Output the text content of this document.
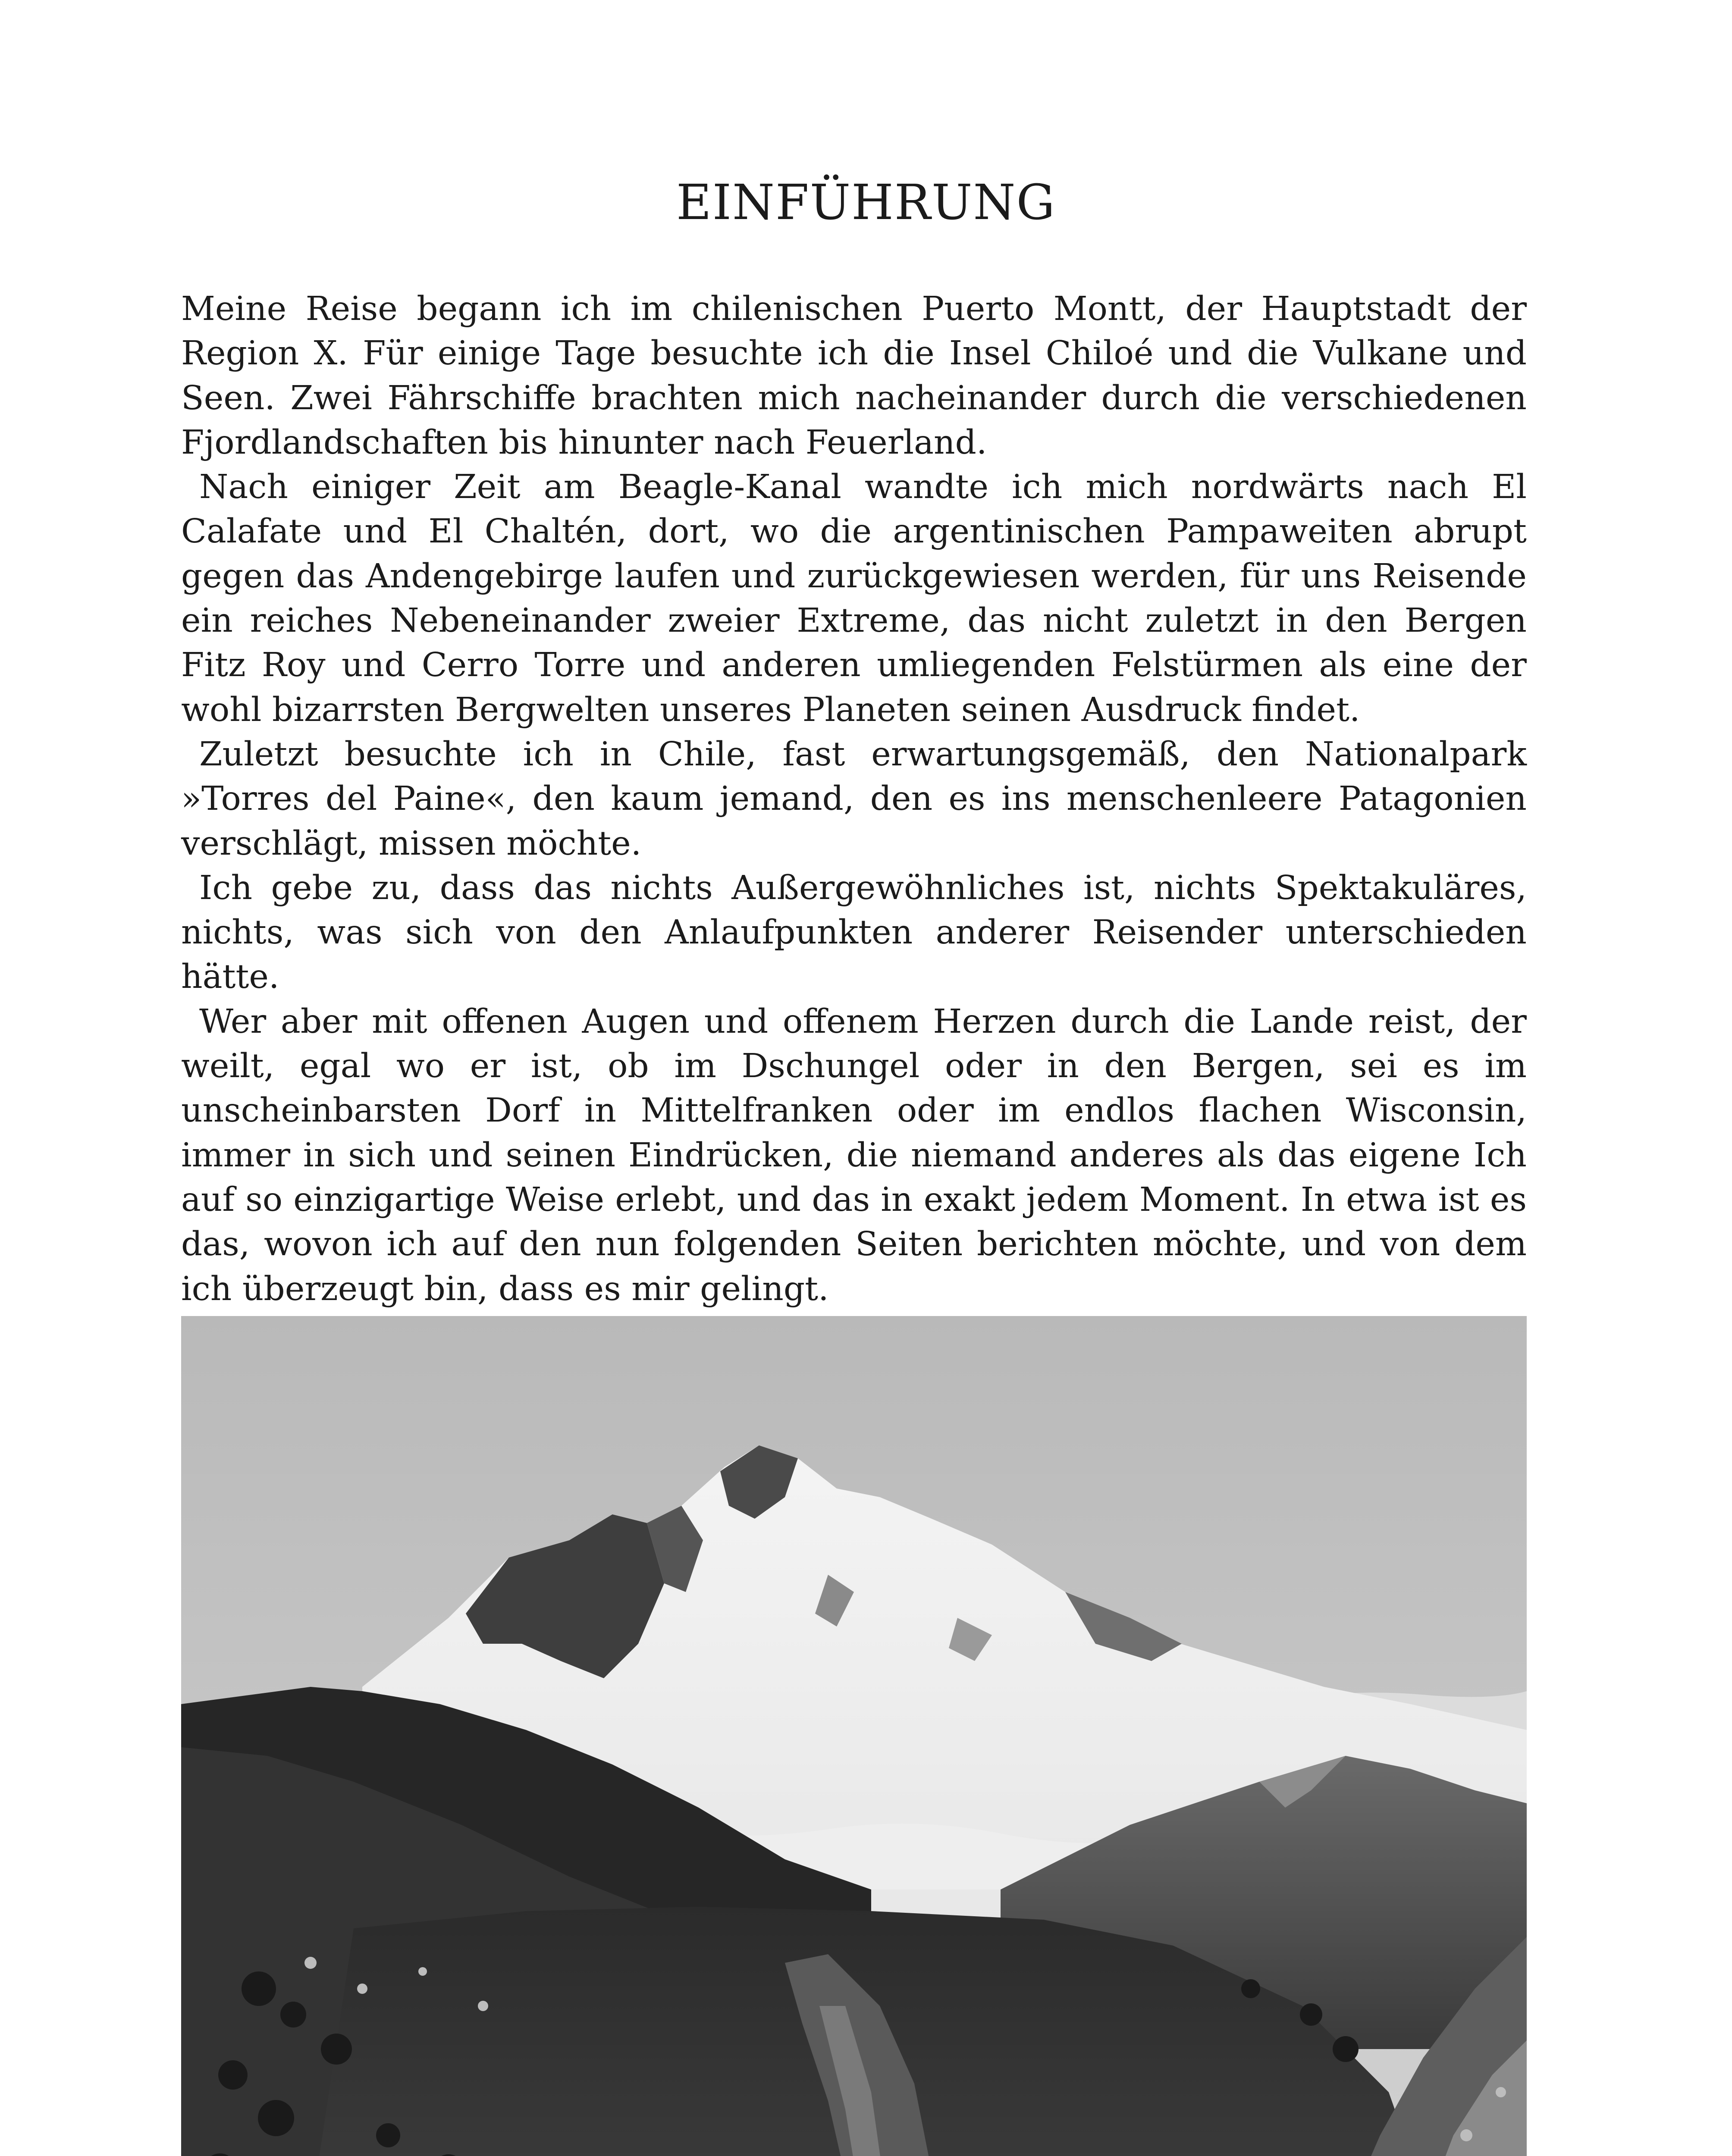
EINFÜHRUNG

Meine Reise begann ich im chilenischen Puerto Montt, der Hauptstadt der Region X. Für einige Tage besuchte ich die Insel Chiloé und die Vulkane und Seen. Zwei Fährschiffe brachten mich nacheinander durch die verschiedenen Fjordlandschaften bis hinunter nach Feuerland.

Nach einiger Zeit am Beagle-Kanal wandte ich mich nordwärts nach El Calafate und El Chaltén, dort, wo die argentinischen Pampaweiten abrupt gegen das Andengebirge laufen und zurückgewiesen werden, für uns Reisende ein reiches Nebeneinander zweier Extreme, das nicht zuletzt in den Bergen Fitz Roy und Cerro Torre und anderen umliegenden Felstürmen als eine der wohl bizarrsten Bergwelten unseres Planeten seinen Ausdruck findet.

Zuletzt besuchte ich in Chile, fast erwartungsgemäß, den Nationalpark »Torres del Paine«, den kaum jemand, den es ins menschenleere Patagonien verschlägt, missen möchte.

Ich gebe zu, dass das nichts Außergewöhnliches ist, nichts Spektakuläres, nichts, was sich von den Anlaufpunkten anderer Reisender unterschieden hätte.

Wer aber mit offenen Augen und offenem Herzen durch die Lande reist, der weilt, egal wo er ist, ob im Dschungel oder in den Bergen, sei es im unscheinbarsten Dorf in Mittelfranken oder im endlos flachen Wisconsin, immer in sich und seinen Eindrücken, die niemand anderes als das eigene Ich auf so einzigartige Weise erlebt, und das in exakt jedem Moment. In etwa ist es das, wovon ich auf den nun folgenden Seiten berichten möchte, und von dem ich überzeugt bin, dass es mir gelingt.
